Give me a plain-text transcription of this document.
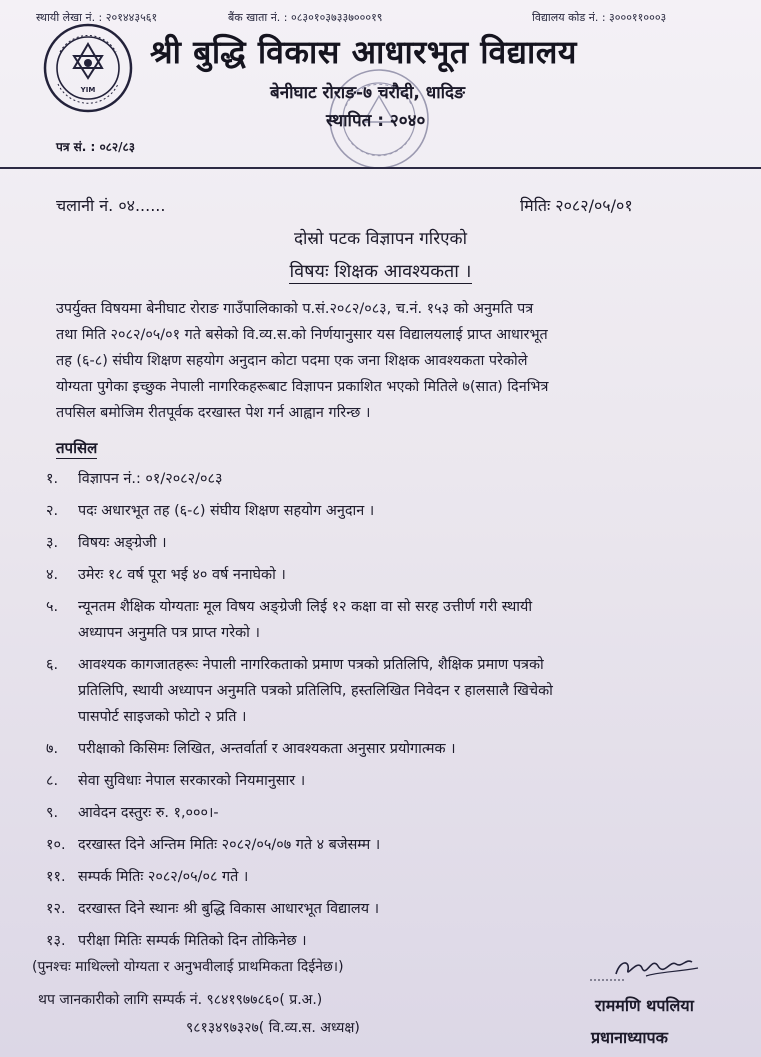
स्थायी लेखा नं. : २०१४४३५६१	बैंक खाता नं. : ०८३०१०३७३३७०००१९	विद्यालय कोड नं. : ३०००११०००३
YIM
श्री बुद्धि विकास आधारभूत विद्यालय
बेनीघाट रोराङ-७ चरौदी, धादिङ
स्थापित : २०४०
पत्र सं. : ०८२/८३
चलानी नं. ०४......	मितिः २०८२/०५/०१
दोस्रो पटक विज्ञापन गरिएको
विषयः शिक्षक आवश्यकता ।

उपर्युक्त विषयमा बेनीघाट रोराङ गाउँपालिकाको प.सं.२०८२/०८३, च.नं. १५३ को अनुमति पत्र

तथा मिति २०८२/०५/०१ गते बसेको वि.व्य.स.को निर्णयानुसार यस विद्यालयलाई प्राप्त आधारभूत

तह (६-८) संघीय शिक्षण सहयोग अनुदान कोटा पदमा एक जना शिक्षक आवश्यकता परेकोले

योग्यता पुगेका इच्छुक नेपाली नागरिकहरूबाट विज्ञापन प्रकाशित भएको मितिले ७(सात) दिनभित्र

तपसिल बमोजिम रीतपूर्वक दरखास्त पेश गर्न आह्वान गरिन्छ ।

तपसिल
१.	विज्ञापन नं.: ०१/२०८२/०८३
२.	पदः अधारभूत तह (६-८) संघीय शिक्षण सहयोग अनुदान ।
३.	विषयः अङ्ग्रेजी ।
४.	उमेरः १८ वर्ष पूरा भई ४० वर्ष ननाघेको ।
५.	न्यूनतम शैक्षिक योग्यताः मूल विषय अङ्ग्रेजी लिई १२ कक्षा वा सो सरह उत्तीर्ण गरी स्थायी
अध्यापन अनुमति पत्र प्राप्त गरेको ।
६.	आवश्यक कागजातहरूः नेपाली नागरिकताको प्रमाण पत्रको प्रतिलिपि, शैक्षिक प्रमाण पत्रको
प्रतिलिपि, स्थायी अध्यापन अनुमति पत्रको प्रतिलिपि, हस्तलिखित निवेदन र हालसालै खिचेको
पासपोर्ट साइजको फोटो २ प्रति ।
७.	परीक्षाको किसिमः लिखित, अन्तर्वार्ता र आवश्यकता अनुसार प्रयोगात्मक ।
८.	सेवा सुविधाः नेपाल सरकारको नियमानुसार ।
९.	आवेदन दस्तुरः रु. १,०००।-
१०. दरखास्त दिने अन्तिम मितिः २०८२/०५/०७ गते ४ बजेसम्म ।
११. सम्पर्क मितिः २०८२/०५/०८ गते ।
१२. दरखास्त दिने स्थानः श्री बुद्धि विकास आधारभूत विद्यालय ।
१३. परीक्षा मितिः सम्पर्क मितिको दिन तोकिनेछ ।
(पुनश्चः माथिल्लो योग्यता र अनुभवीलाई प्राथमिकता दिईनेछ।)
थप जानकारीको लागि सम्पर्क नं. ९८४१९७७८६०( प्र.अ.)
९८१३४९७३२७( वि.व्य.स. अध्यक्ष)
राममणि थपलिया
प्रधानाध्यापक
